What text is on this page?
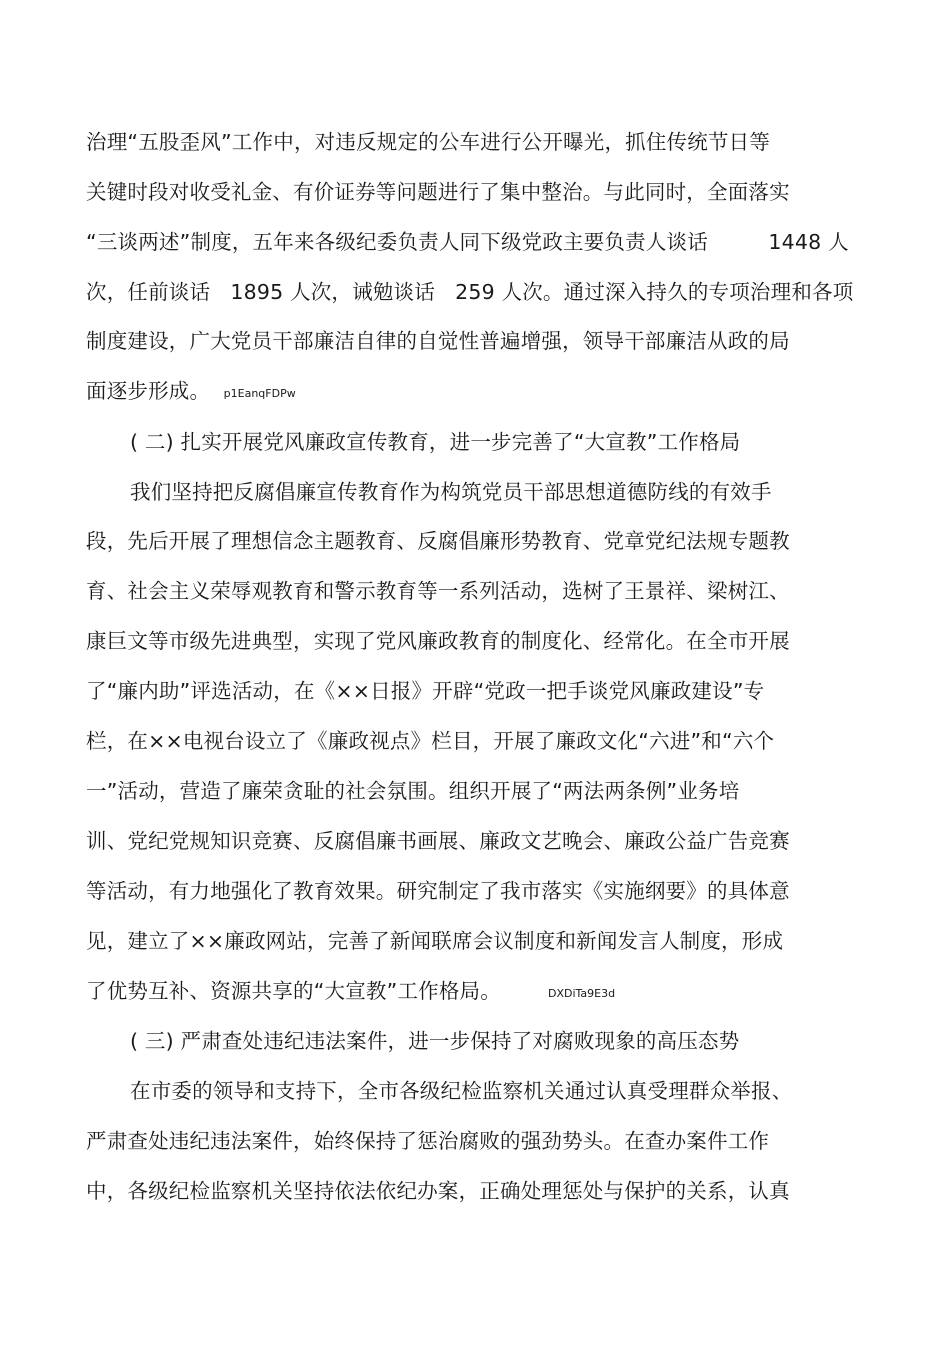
治理“五股歪风”工作中，对违反规定的公车进行公开曝光，抓住传统节日等
关键时段对收受礼金、有价证券等问题进行了集中整治。与此同时，全面落实
“三谈两述”制度，五年来各级纪委负责人同下级党政主要负责人谈话         1448 人
次，任前谈话   1895 人次，诫勉谈话   259 人次。通过深入持久的专项治理和各项
制度建设，广大党员干部廉洁自律的自觉性普遍增强，领导干部廉洁从政的局
面逐步形成。 p1EanqFDPw
( 二) 扎实开展党风廉政宣传教育，进一步完善了“大宣教”工作格局
我们坚持把反腐倡廉宣传教育作为构筑党员干部思想道德防线的有效手
段，先后开展了理想信念主题教育、反腐倡廉形势教育、党章党纪法规专题教
育、社会主义荣辱观教育和警示教育等一系列活动，选树了王景祥、梁树江、
康巨文等市级先进典型，实现了党风廉政教育的制度化、经常化。在全市开展
了“廉内助”评选活动，在《××日报》开辟“党政一把手谈党风廉政建设”专
栏，在××电视台设立了《廉政视点》栏目，开展了廉政文化“六进”和“六个
一”活动，营造了廉荣贪耻的社会氛围。组织开展了“两法两条例”业务培
训、党纪党规知识竞赛、反腐倡廉书画展、廉政文艺晚会、廉政公益广告竞赛
等活动，有力地强化了教育效果。研究制定了我市落实《实施纲要》的具体意
见，建立了××廉政网站，完善了新闻联席会议制度和新闻发言人制度，形成
了优势互补、资源共享的“大宣教”工作格局。	DXDiTa9E3d
( 三) 严肃查处违纪违法案件，进一步保持了对腐败现象的高压态势
在市委的领导和支持下，全市各级纪检监察机关通过认真受理群众举报、
严肃查处违纪违法案件，始终保持了惩治腐败的强劲势头。在查办案件工作
中，各级纪检监察机关坚持依法依纪办案，正确处理惩处与保护的关系，认真
